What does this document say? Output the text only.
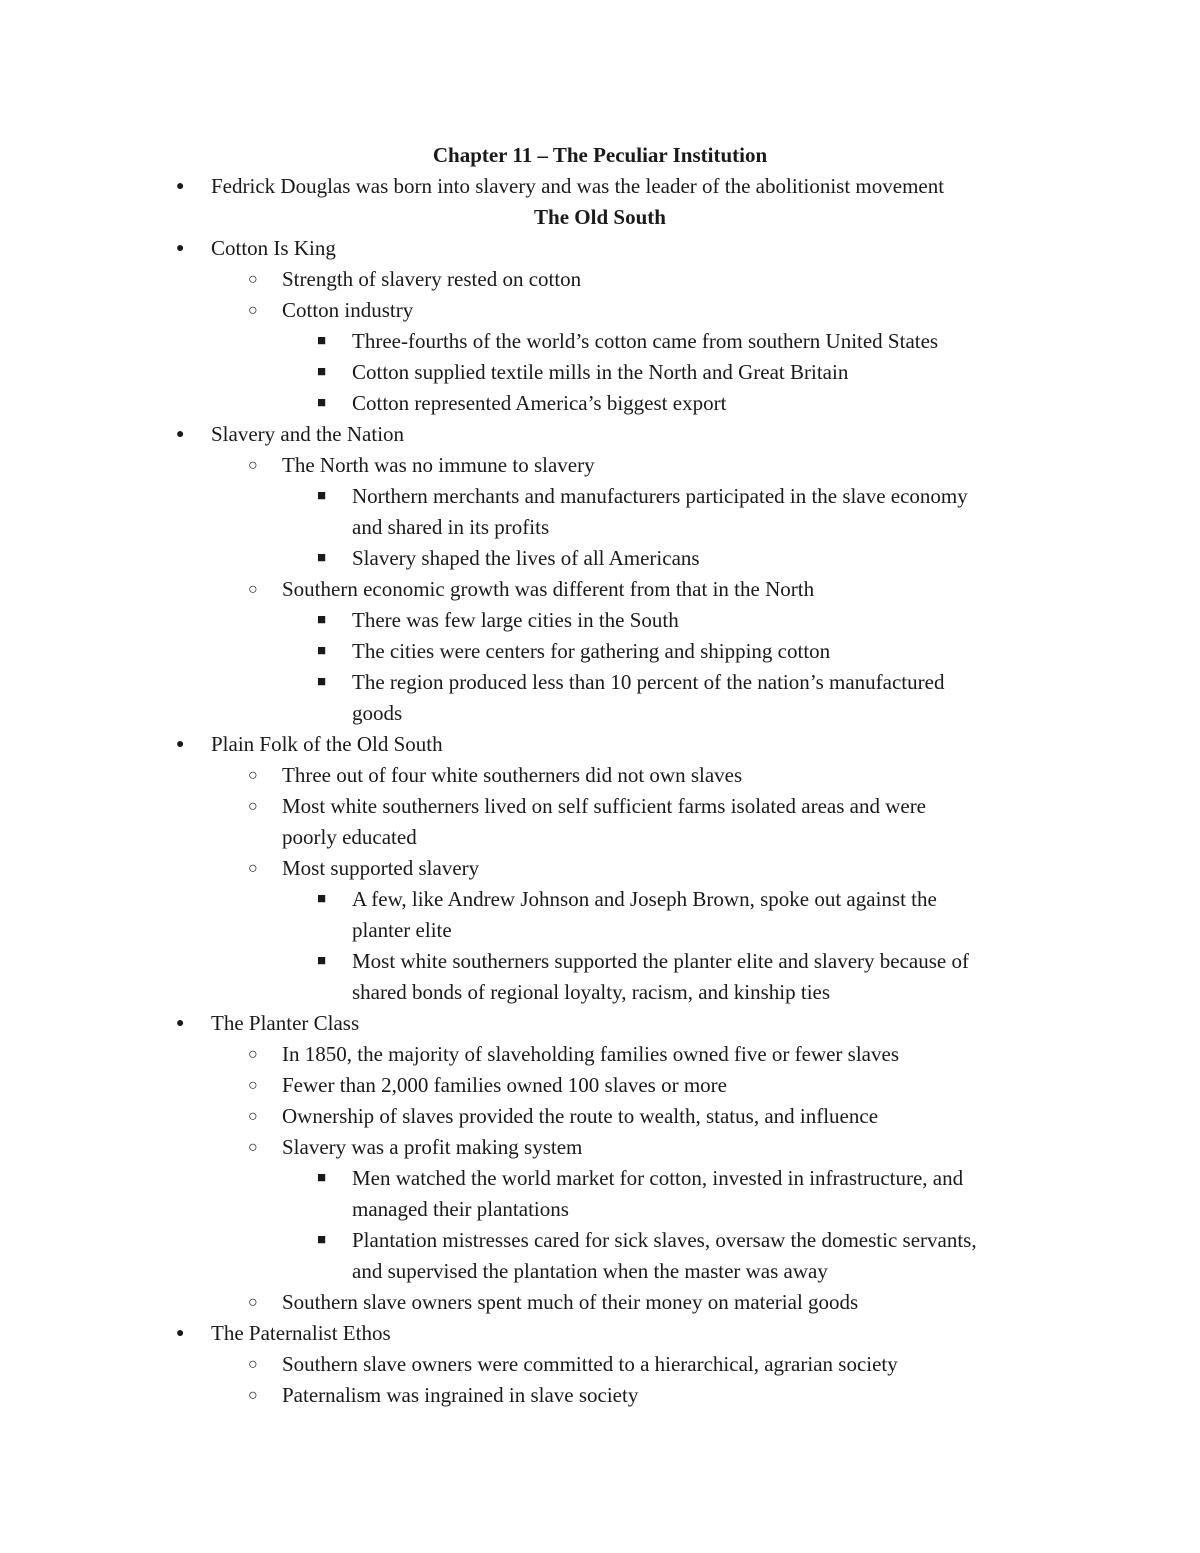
Chapter 11 – The Peculiar Institution
● Fedrick Douglas was born into slavery and was the leader of the abolitionist movement
The Old South
● Cotton Is King
○ Strength of slavery rested on cotton
○ Cotton industry
■ Three-fourths of the world’s cotton came from southern United States
■ Cotton supplied textile mills in the North and Great Britain
■ Cotton represented America’s biggest export
● Slavery and the Nation
○ The North was no immune to slavery
■ Northern merchants and manufacturers participated in the slave economy
and shared in its profits
■ Slavery shaped the lives of all Americans
○ Southern economic growth was different from that in the North
■ There was few large cities in the South
■ The cities were centers for gathering and shipping cotton
■ The region produced less than 10 percent of the nation’s manufactured
goods
● Plain Folk of the Old South
○ Three out of four white southerners did not own slaves
○ Most white southerners lived on self sufficient farms isolated areas and were
poorly educated
○ Most supported slavery
■ A few, like Andrew Johnson and Joseph Brown, spoke out against the
planter elite
■ Most white southerners supported the planter elite and slavery because of
shared bonds of regional loyalty, racism, and kinship ties
● The Planter Class
○ In 1850, the majority of slaveholding families owned five or fewer slaves
○ Fewer than 2,000 families owned 100 slaves or more
○ Ownership of slaves provided the route to wealth, status, and influence
○ Slavery was a profit making system
■ Men watched the world market for cotton, invested in infrastructure, and
managed their plantations
■ Plantation mistresses cared for sick slaves, oversaw the domestic servants,
and supervised the plantation when the master was away
○ Southern slave owners spent much of their money on material goods
● The Paternalist Ethos
○ Southern slave owners were committed to a hierarchical, agrarian society
○ Paternalism was ingrained in slave society
